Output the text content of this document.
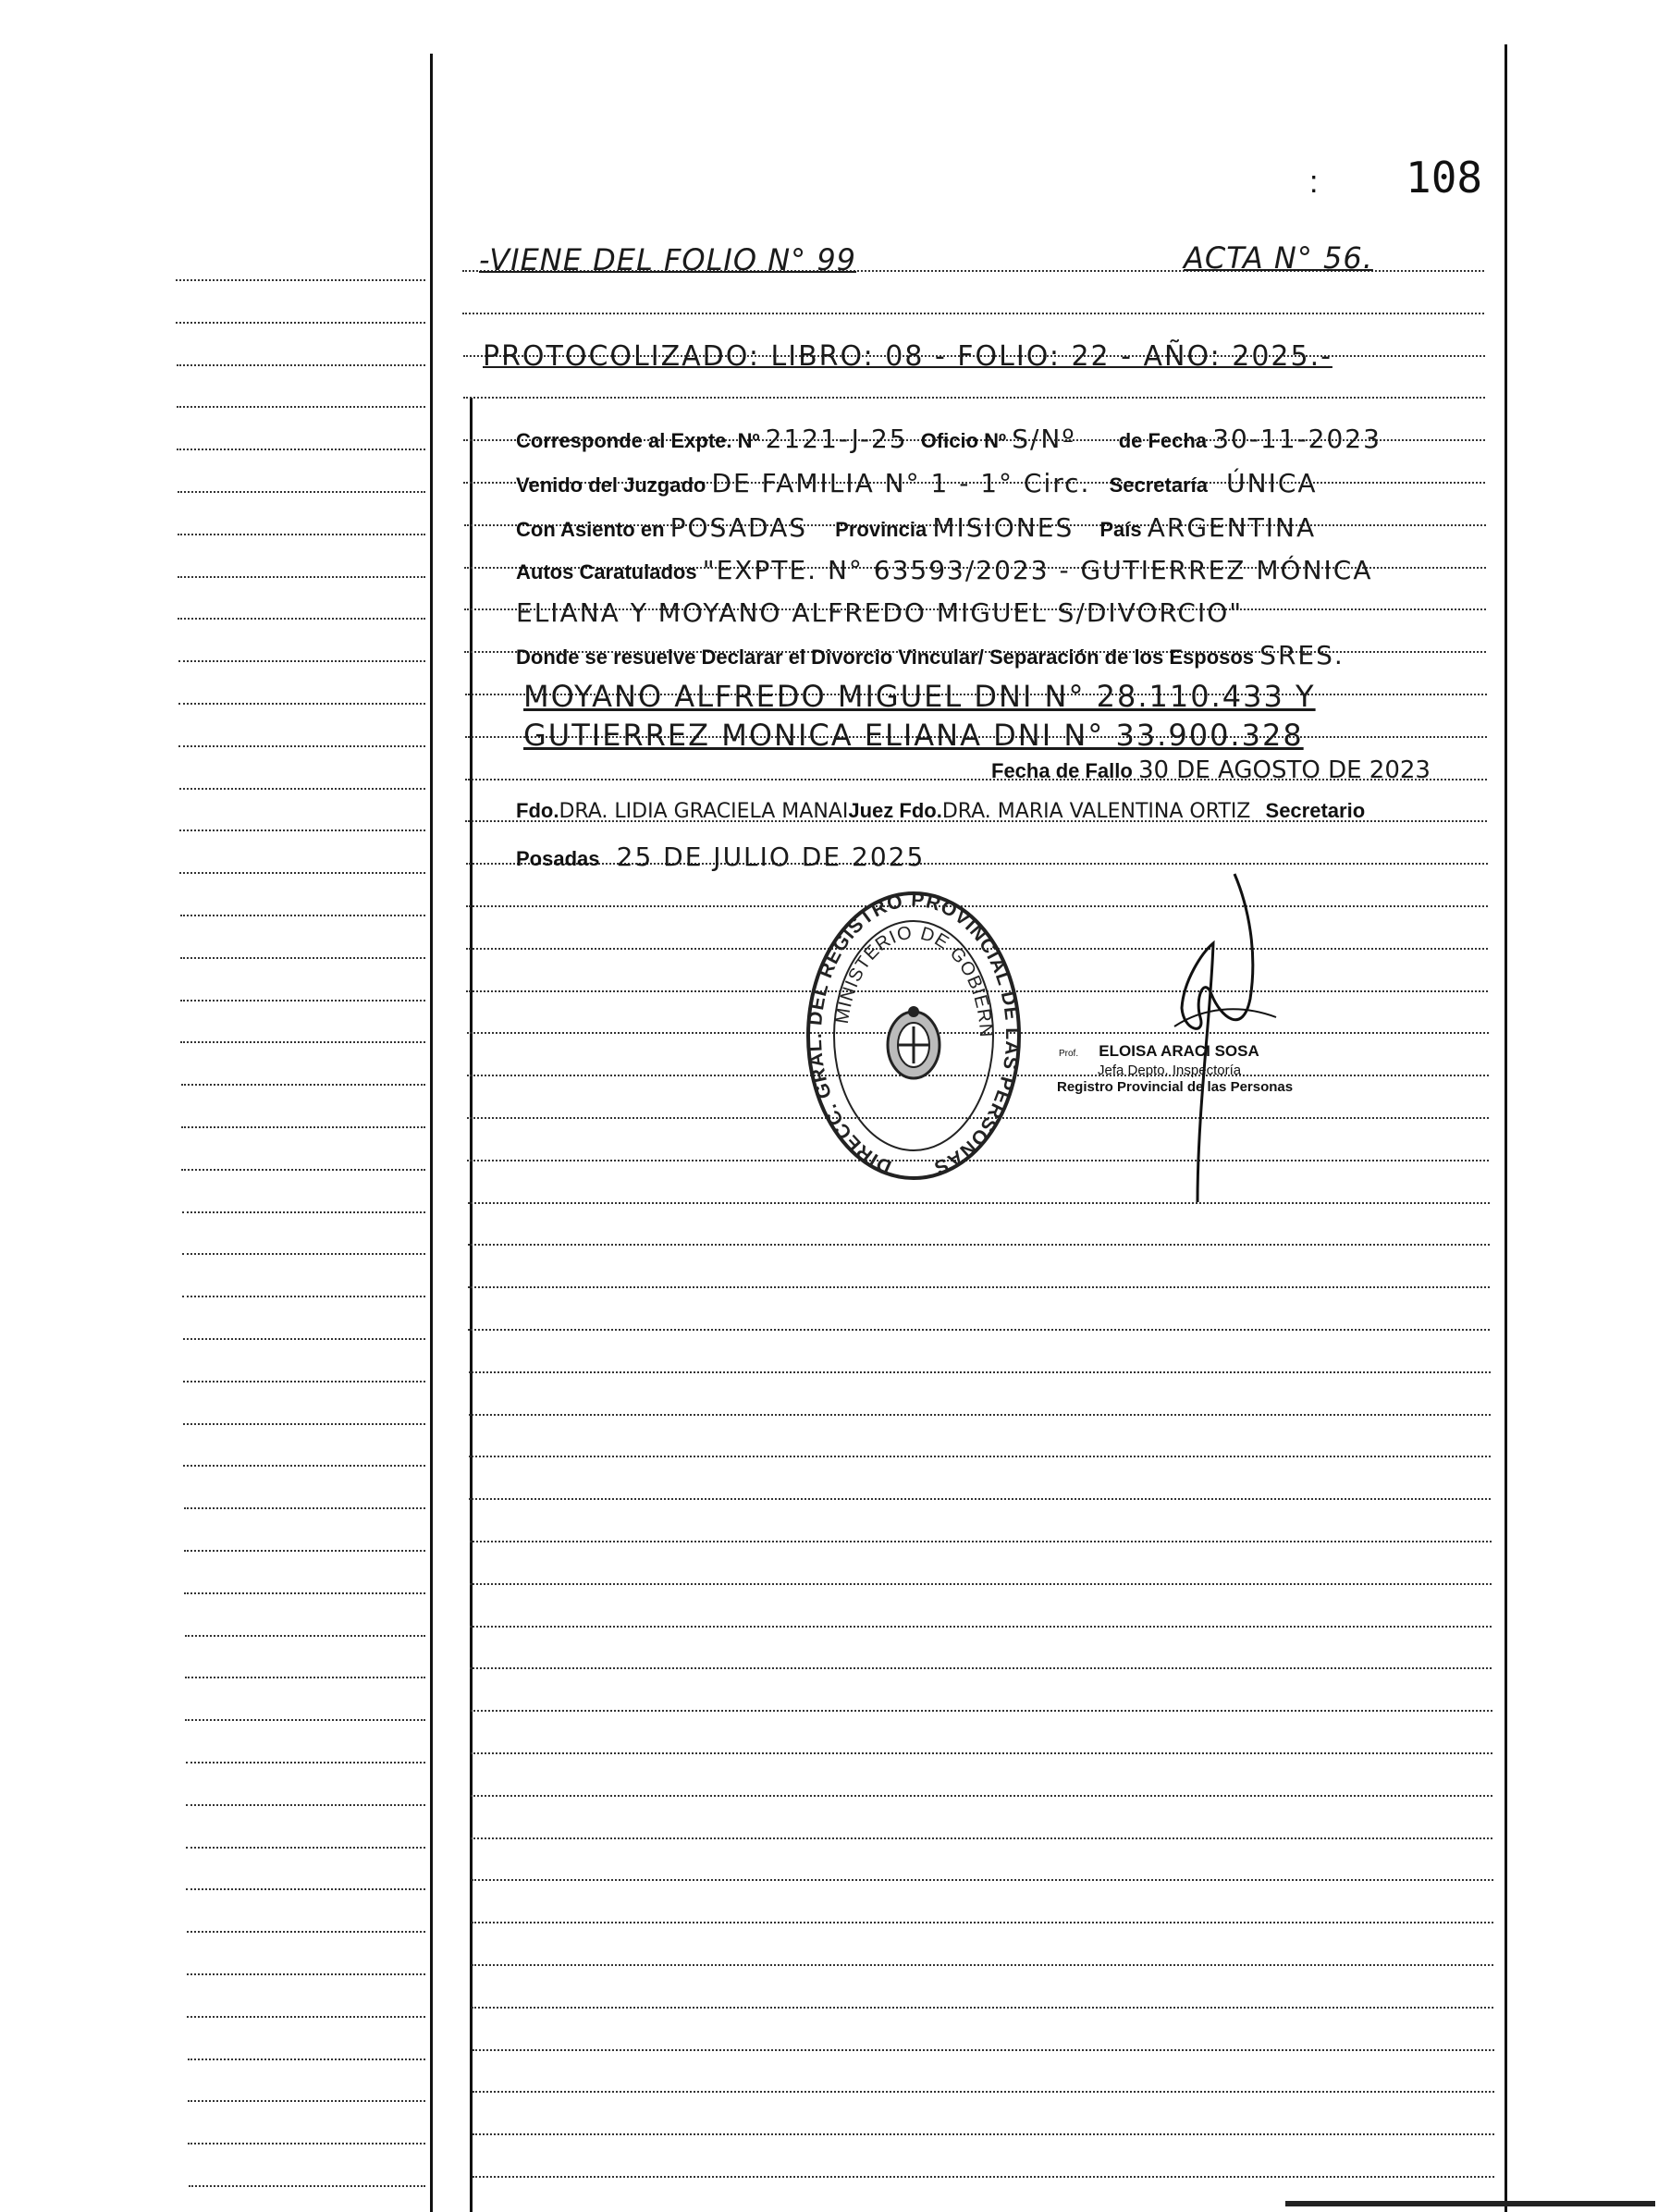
: 108
-VIENE DEL FOLIO N° 99	ACTA N° 56.
PROTOCOLIZADO: LIBRO: 08 - FOLIO: 22 - AÑO: 2025.-
Corresponde al Expte. Nº 2121-J-25 Oficio Nº S/Nº de Fecha 30-11-2023
Venido del Juzgado DE FAMILIA N° 1 - 1° Circ. Secretaría ÚNICA
Con Asiento en POSADAS Provincia MISIONES País ARGENTINA
Autos Caratulados "EXPTE. N° 63593/2023 - GUTIERREZ MÓNICA
ELIANA Y MOYANO ALFREDO MIGUEL S/DIVORCIO"
Donde se resuelve Declarar el Divorcio Vincular/ Separación de los Esposos SRES.
MOYANO ALFREDO MIGUEL DNI N° 28.110.433 Y
GUTIERREZ MONICA ELIANA DNI N° 33.900.328
Fecha de Fallo 30 DE AGOSTO DE 2023
Fdo.DRA. LIDIA GRACIELA MANAIJuez Fdo.DRA. MARIA VALENTINA ORTIZ Secretario
Posadas 25 DE JULIO DE 2025
DIRECC. GRAL. DEL REGISTRO PROVINCIAL DE LAS PERSONAS
MINISTERIO DE GOBIERN
Prof. ELOISA ARACI SOSA
Jefa Depto. Inspectoría
Registro Provincial de las Personas
